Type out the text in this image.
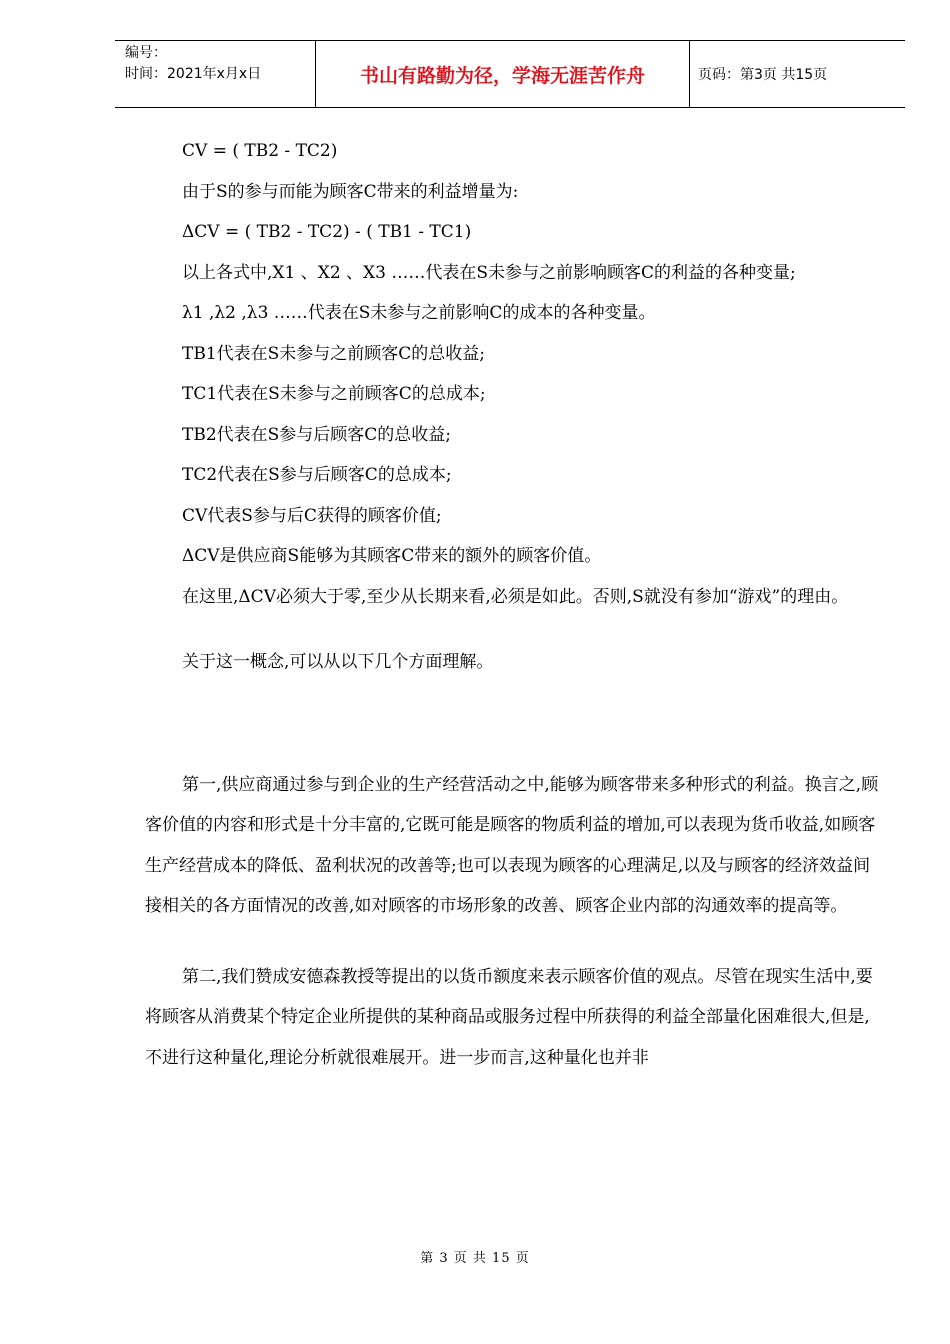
编号：
时间：2021年x月x日	书山有路勤为径，学海无涯苦作舟	页码：第3页 共15页

CV = ( TB2 - TC2)

由于S的参与而能为顾客C带来的利益增量为:

ΔCV = ( TB2 - TC2) - ( TB1 - TC1)

以上各式中,X1 、X2 、X3 ……代表在S未参与之前影响顾客C的利益的各种变量;

λ1 ,λ2 ,λ3 ……代表在S未参与之前影响C的成本的各种变量。

TB1代表在S未参与之前顾客C的总收益;

TC1代表在S未参与之前顾客C的总成本;

TB2代表在S参与后顾客C的总收益;

TC2代表在S参与后顾客C的总成本;

CV代表S参与后C获得的顾客价值;

ΔCV是供应商S能够为其顾客C带来的额外的顾客价值。

在这里,ΔCV必须大于零,至少从长期来看,必须是如此。否则,S就没有参加“游戏”的理由。

关于这一概念,可以从以下几个方面理解。

第一,供应商通过参与到企业的生产经营活动之中,能够为顾客带来多种形式的利益。换言之,顾客价值的内容和形式是十分丰富的,它既可能是顾客的物质利益的增加,可以表现为货币收益,如顾客生产经营成本的降低、盈利状况的改善等;也可以表现为顾客的心理满足,以及与顾客的经济效益间接相关的各方面情况的改善,如对顾客的市场形象的改善、顾客企业内部的沟通效率的提高等。

第二,我们赞成安德森教授等提出的以货币额度来表示顾客价值的观点。尽管在现实生活中,要将顾客从消费某个特定企业所提供的某种商品或服务过程中所获得的利益全部量化困难很大,但是,不进行这种量化,理论分析就很难展开。进一步而言,这种量化也并非

第 3 页 共 15 页
